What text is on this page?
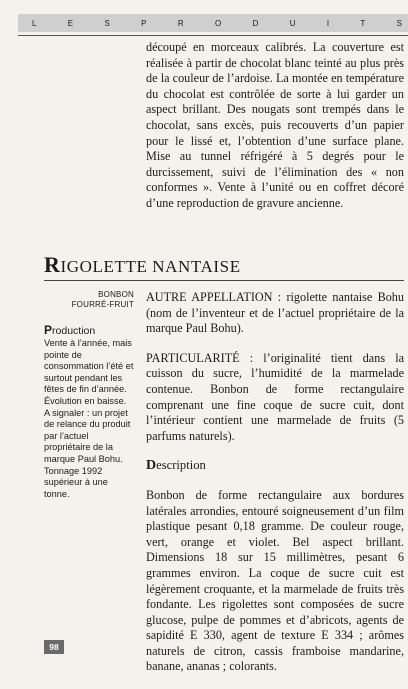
L	E	S	P	R	O	D	U	I	T	S

découpé en morceaux calibrés. La couverture est réalisée à partir de chocolat blanc teinté au plus près de la couleur de l’ardoise. La montée en température du chocolat est contrôlée de sorte à lui garder un aspect brillant. Des nougats sont trempés dans le chocolat, sans excès, puis recouverts d’un papier pour le lissé et, l’obtention d’une surface plane. Mise au tunnel réfrigéré à 5 degrés pour le durcissement, suivi de l’élimination des « non conformes ». Vente à l’unité ou en coffret décoré d’une reproduction de gravure ancienne.

RIGOLETTE NANTAISE
BONBON
FOURRÉ-FRUIT
Production

Vente à l’année, mais pointe de consommation l’été et surtout pendant les fêtes de fin d’année. Évolution en baisse.

A signaler : un projet de relance du produit par l’actuel propriétaire de la marque Paul Bohu. Tonnage 1992 supérieur à une tonne.

AUTRE APPELLATION : rigolette nantaise Bohu (nom de l’inventeur et de l’actuel propriétaire de la marque Paul Bohu).

PARTICULARITÉ : l’originalité tient dans la cuisson du sucre, l’humidité de la marmelade contenue. Bonbon de forme rectangulaire comprenant une fine coque de sucre cuit, dont l’intérieur contient une marmelade de fruits (5 parfums naturels).

Description

Bonbon de forme rectangulaire aux bordures latérales arrondies, entouré soigneusement d’un film plastique pesant 0,18 gramme. De couleur rouge, vert, orange et violet. Bel aspect brillant. Dimensions 18 sur 15 millimètres, pesant 6 grammes environ. La coque de sucre cuit est légèrement croquante, et la marmelade de fruits très fondante. Les rigolettes sont composées de sucre glucose, pulpe de pommes et d’abricots, agents de sapidité E 330, agent de texture E 334 ; arômes naturels de citron, cassis framboise mandarine, banane, ananas ; colorants.

98
